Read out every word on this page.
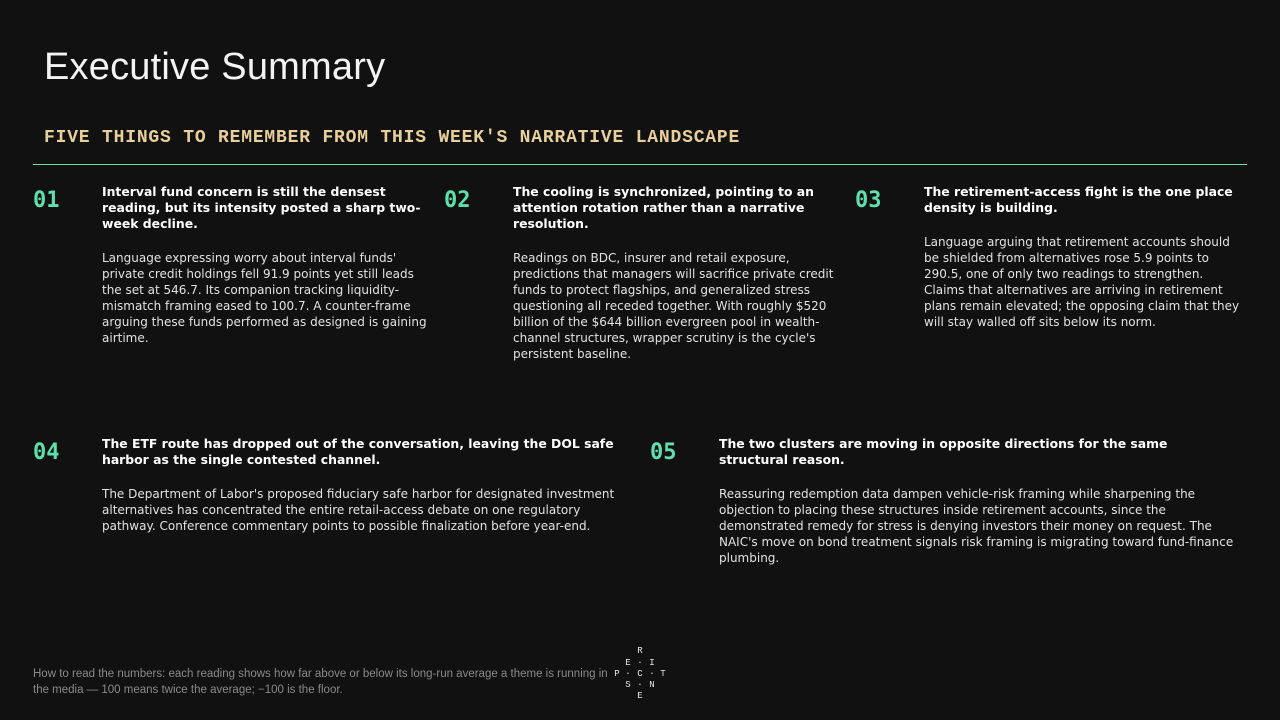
Executive Summary
FIVE THINGS TO REMEMBER FROM THIS WEEK'S NARRATIVE LANDSCAPE
01	Interval fund concern is still the densest reading, but its intensity posted a sharp two-week decline.

Language expressing worry about interval funds' private credit holdings fell 91.9 points yet still leads the set at 546.7. Its companion tracking liquidity-mismatch framing eased to 100.7. A counter-frame arguing these funds performed as designed is gaining airtime.

02	The cooling is synchronized, pointing to an attention rotation rather than a narrative resolution.

Readings on BDC, insurer and retail exposure, predictions that managers will sacrifice private credit funds to protect flagships, and generalized stress questioning all receded together. With roughly $520 billion of the $644 billion evergreen pool in wealth-channel structures, wrapper scrutiny is the cycle's persistent baseline.

03	The retirement-access fight is the one place density is building.

Language arguing that retirement accounts should be shielded from alternatives rose 5.9 points to 290.5, one of only two readings to strengthen. Claims that alternatives are arriving in retirement plans remain elevated; the opposing claim that they will stay walled off sits below its norm.

04	The ETF route has dropped out of the conversation, leaving the DOL safe harbor as the single contested channel.

The Department of Labor's proposed fiduciary safe harbor for designated investment alternatives has concentrated the entire retail-access debate on one regulatory pathway. Conference commentary points to possible finalization before year-end.

05	The two clusters are moving in opposite directions for the same structural reason.

Reassuring redemption data dampen vehicle-risk framing while sharpening the objection to placing these structures inside retirement accounts, since the demonstrated remedy for stress is denying investors their money on request. The NAIC's move on bond treatment signals risk framing is migrating toward fund-finance plumbing.

How to read the numbers: each reading shows how far above or below its long-run average a theme is running in the media — 100 means twice the average; −100 is the floor.

R
E · I
P · C · T
S · N
E
